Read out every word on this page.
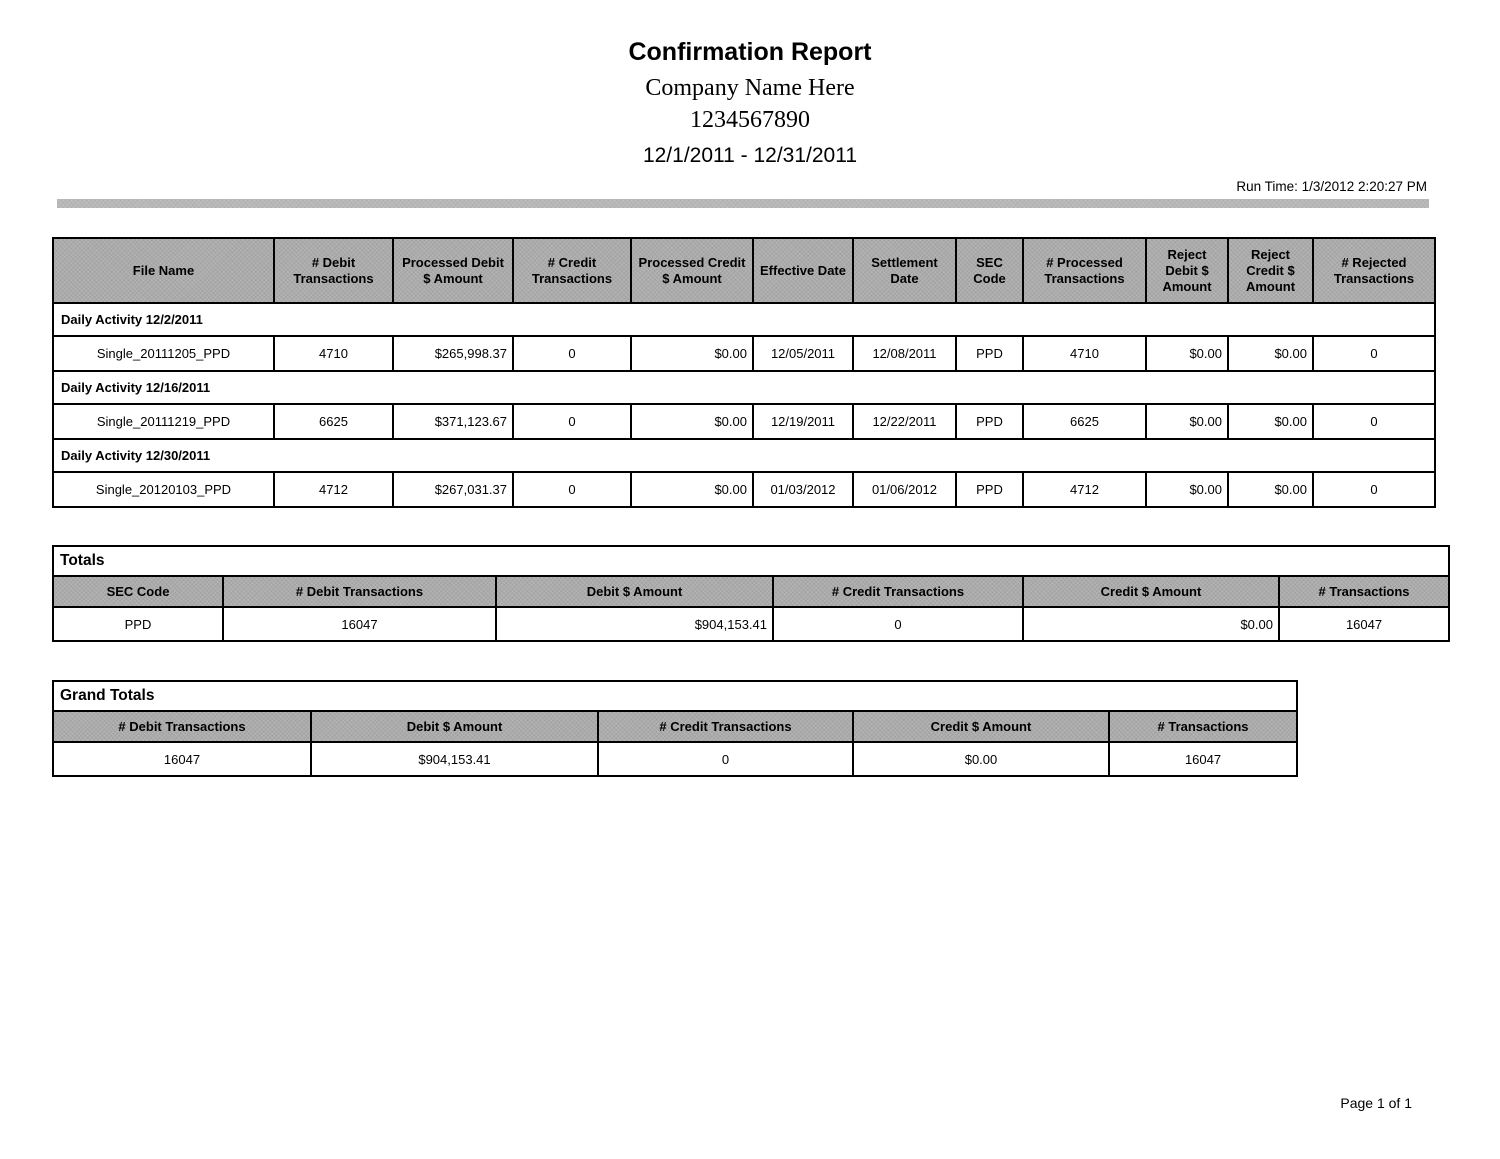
Confirmation Report
Company Name Here
1234567890
12/1/2011 - 12/31/2011
Run Time: 1/3/2012 2:20:27 PM
File Name	# Debit Transactions	Processed Debit $ Amount	# Credit Transactions	Processed Credit $ Amount	Effective Date	Settlement Date	SEC Code	# Processed Transactions	Reject Debit $ Amount	Reject Credit $ Amount	# Rejected Transactions
Daily Activity 12/2/2011											
Single_20111205_PPD	4710	$265,998.37	0	$0.00	12/05/2011	12/08/2011	PPD	4710	$0.00	$0.00	0
Daily Activity 12/16/2011											
Single_20111219_PPD	6625	$371,123.67	0	$0.00	12/19/2011	12/22/2011	PPD	6625	$0.00	$0.00	0
Daily Activity 12/30/2011											
Single_20120103_PPD	4712	$267,031.37	0	$0.00	01/03/2012	01/06/2012	PPD	4712	$0.00	$0.00	0
Totals					
SEC Code	# Debit Transactions	Debit $ Amount	# Credit Transactions	Credit $ Amount	# Transactions
PPD	16047	$904,153.41	0	$0.00	16047
Grand Totals				
# Debit Transactions	Debit $ Amount	# Credit Transactions	Credit $ Amount	# Transactions
16047	$904,153.41	0	$0.00	16047
Page 1 of 1
